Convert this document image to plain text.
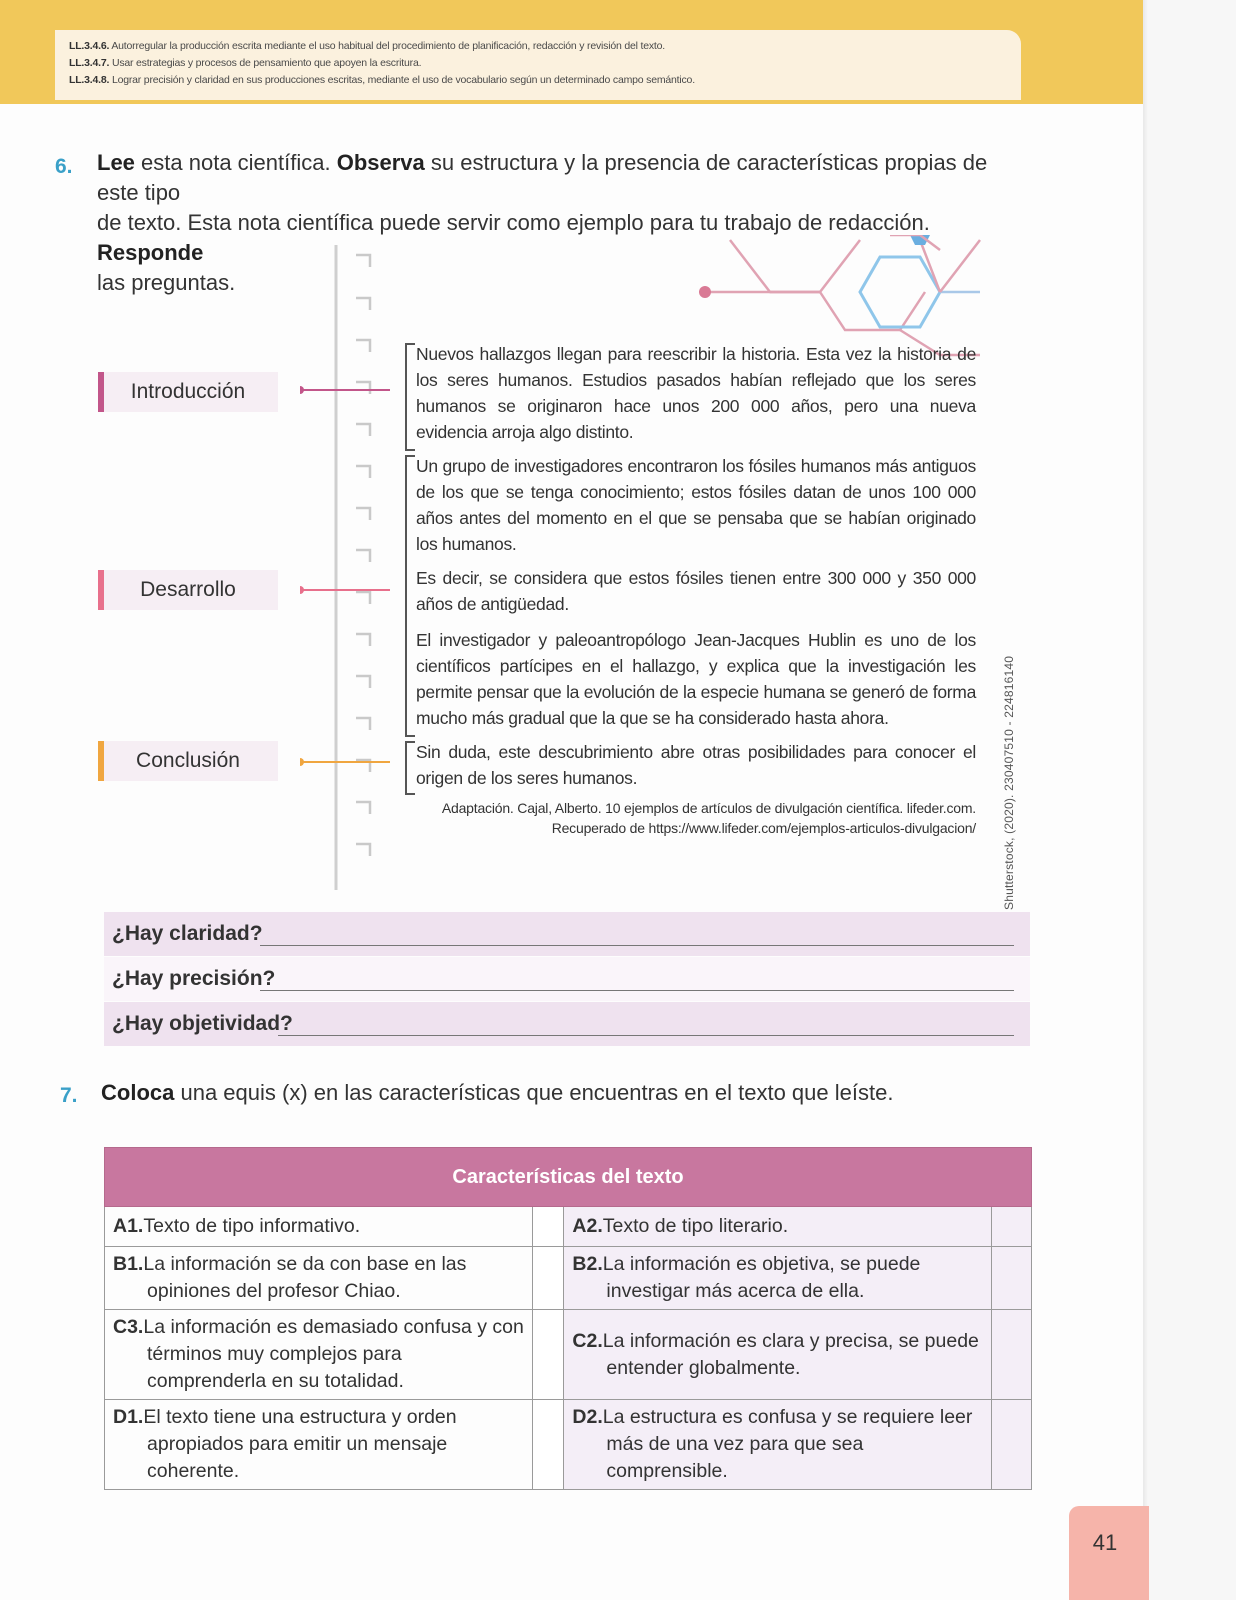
LL.3.4.6. Autorregular la producción escrita mediante el uso habitual del procedimiento de planificación, redacción y revisión del texto.
LL.3.4.7. Usar estrategias y procesos de pensamiento que apoyen la escritura.
LL.3.4.8. Lograr precisión y claridad en sus producciones escritas, mediante el uso de vocabulario según un determinado campo semántico.
6. Lee esta nota científica. Observa su estructura y la presencia de características propias de este tipo
de texto. Esta nota científica puede servir como ejemplo para tu trabajo de redacción. Responde
las preguntas.
Introducción
Desarrollo
Conclusión
Nuevos hallazgos llegan para reescribir la historia. Esta vez la historia de los seres humanos. Estudios pasados habían reflejado que los seres humanos se originaron hace unos 200 000 años, pero una nueva evidencia arroja algo distinto.
Un grupo de investigadores encontraron los fósiles humanos más antiguos de los que se tenga conocimiento; estos fósiles datan de unos 100 000 años antes del momento en el que se pensaba que se habían originado los humanos.
Es decir, se considera que estos fósiles tienen entre 300 000 y 350 000 años de antigüedad.
El investigador y paleoantropólogo Jean-Jacques Hublin es uno de los científicos partícipes en el hallazgo, y explica que la investigación les permite pensar que la evolución de la especie humana se generó de forma mucho más gradual que la que se ha considerado hasta ahora.
Sin duda, este descubrimiento abre otras posibilidades para conocer el origen de los seres humanos.
Adaptación. Cajal, Alberto. 10 ejemplos de artículos de divulgación científica. lifeder.com.
Recuperado de https://www.lifeder.com/ejemplos-articulos-divulgacion/ Shutterstock, (2020). 230407510 - 224816140
¿Hay claridad?
¿Hay precisión?
¿Hay objetividad?
7. Coloca una equis (x) en las características que encuentras en el texto que leíste.
Características del texto			

A1.Texto de tipo informativo.		A2.Texto de tipo literario.	

B1.La información se da con base en las opiniones del profesor Chiao.		B2.La información es objetiva, se puede investigar más acerca de ella.	

C3.La información es demasiado confusa y con términos muy complejos para comprenderla en su totalidad.		C2.La información es clara y precisa, se puede entender globalmente.	

D1.El texto tiene una estructura y orden apropiados para emitir un mensaje coherente.		D2.La estructura es confusa y se requiere leer más de una vez para que sea comprensible.	

41
